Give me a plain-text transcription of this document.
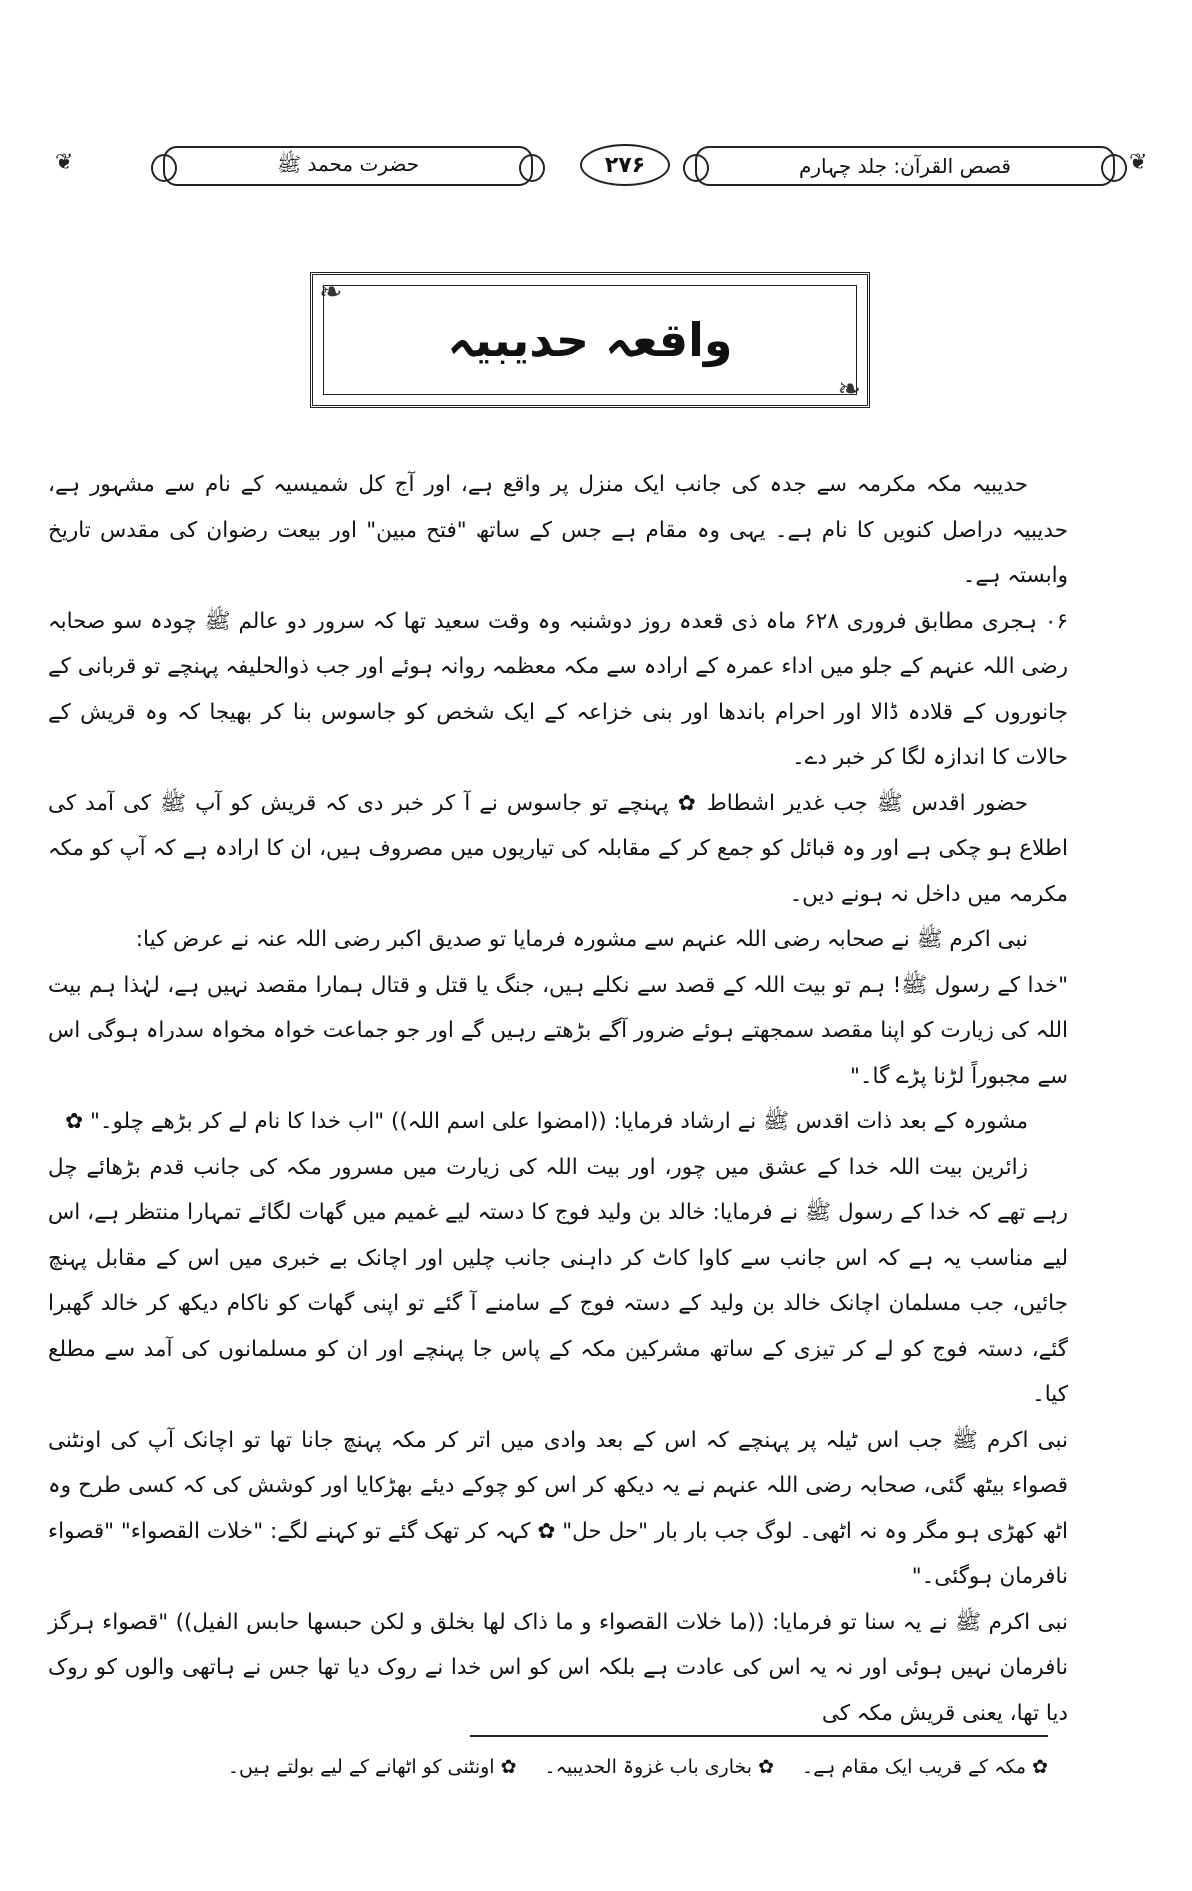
❦	حضرت محمد ﷺ	۲۷۶	قصص القرآن: جلد چہارم	❦
❧
❧
واقعہ حدیبیہ

حدیبیہ مکہ مکرمہ سے جدہ کی جانب ایک منزل پر واقع ہے، اور آج کل شمیسیہ کے نام سے مشہور ہے، حدیبیہ دراصل کنویں کا نام ہے۔ یہی وہ مقام ہے جس کے ساتھ "فتح مبین" اور بیعت رضوان کی مقدس تاریخ وابستہ ہے۔

۰۶ ہجری مطابق فروری ۶۲۸ ماہ ذی قعدہ روز دوشنبہ وہ وقت سعید تھا کہ سرور دو عالم ﷺ چودہ سو صحابہ رضی اللہ عنہم کے جلو میں اداء عمرہ کے ارادہ سے مکہ معظمہ روانہ ہوئے اور جب ذوالحلیفہ پہنچے تو قربانی کے جانوروں کے قلادہ ڈالا اور احرام باندھا اور بنی خزاعہ کے ایک شخص کو جاسوس بنا کر بھیجا کہ وہ قریش کے حالات کا اندازہ لگا کر خبر دے۔

حضور اقدس ﷺ جب غدیر اشطاط ✿ پہنچے تو جاسوس نے آ کر خبر دی کہ قریش کو آپ ﷺ کی آمد کی اطلاع ہو چکی ہے اور وہ قبائل کو جمع کر کے مقابلہ کی تیاریوں میں مصروف ہیں، ان کا ارادہ ہے کہ آپ کو مکہ مکرمہ میں داخل نہ ہونے دیں۔

نبی اکرم ﷺ نے صحابہ رضی اللہ عنہم سے مشورہ فرمایا تو صدیق اکبر رضی اللہ عنہ نے عرض کیا:

"خدا کے رسول ﷺ! ہم تو بیت اللہ کے قصد سے نکلے ہیں، جنگ یا قتل و قتال ہمارا مقصد نہیں ہے، لہٰذا ہم بیت اللہ کی زیارت کو اپنا مقصد سمجھتے ہوئے ضرور آگے بڑھتے رہیں گے اور جو جماعت خواہ مخواہ سدراہ ہوگی اس سے مجبوراً لڑنا پڑے گا۔"

مشورہ کے بعد ذات اقدس ﷺ نے ارشاد فرمایا: ((امضوا علی اسم اللہ)) "اب خدا کا نام لے کر بڑھے چلو۔" ✿

زائرین بیت اللہ خدا کے عشق میں چور، اور بیت اللہ کی زیارت میں مسرور مکہ کی جانب قدم بڑھائے چل رہے تھے کہ خدا کے رسول ﷺ نے فرمایا: خالد بن ولید فوج کا دستہ لیے غمیم میں گھات لگائے تمہارا منتظر ہے، اس لیے مناسب یہ ہے کہ اس جانب سے کاوا کاٹ کر داہنی جانب چلیں اور اچانک بے خبری میں اس کے مقابل پہنچ جائیں، جب مسلمان اچانک خالد بن ولید کے دستہ فوج کے سامنے آ گئے تو اپنی گھات کو ناکام دیکھ کر خالد گھبرا گئے، دستہ فوج کو لے کر تیزی کے ساتھ مشرکین مکہ کے پاس جا پہنچے اور ان کو مسلمانوں کی آمد سے مطلع کیا۔

نبی اکرم ﷺ جب اس ٹیلہ پر پہنچے کہ اس کے بعد وادی میں اتر کر مکہ پہنچ جانا تھا تو اچانک آپ کی اونٹنی قصواء بیٹھ گئی، صحابہ رضی اللہ عنہم نے یہ دیکھ کر اس کو چوکے دیئے بھڑکایا اور کوشش کی کہ کسی طرح وہ اٹھ کھڑی ہو مگر وہ نہ اٹھی۔ لوگ جب بار بار "حل حل" ✿ کہہ کر تھک گئے تو کہنے لگے: "خلات القصواء" "قصواء نافرمان ہوگئی۔"

نبی اکرم ﷺ نے یہ سنا تو فرمایا: ((ما خلات القصواء و ما ذاک لھا بخلق و لکن حبسھا حابس الفیل)) "قصواء ہرگز نافرمان نہیں ہوئی اور نہ یہ اس کی عادت ہے بلکہ اس کو اس خدا نے روک دیا تھا جس نے ہاتھی والوں کو روک دیا تھا، یعنی قریش مکہ کی

✿ مکہ کے قریب ایک مقام ہے۔
✿ بخاری باب غزوۃ الحدیبیہ۔
✿ اونٹنی کو اٹھانے کے لیے بولتے ہیں۔
